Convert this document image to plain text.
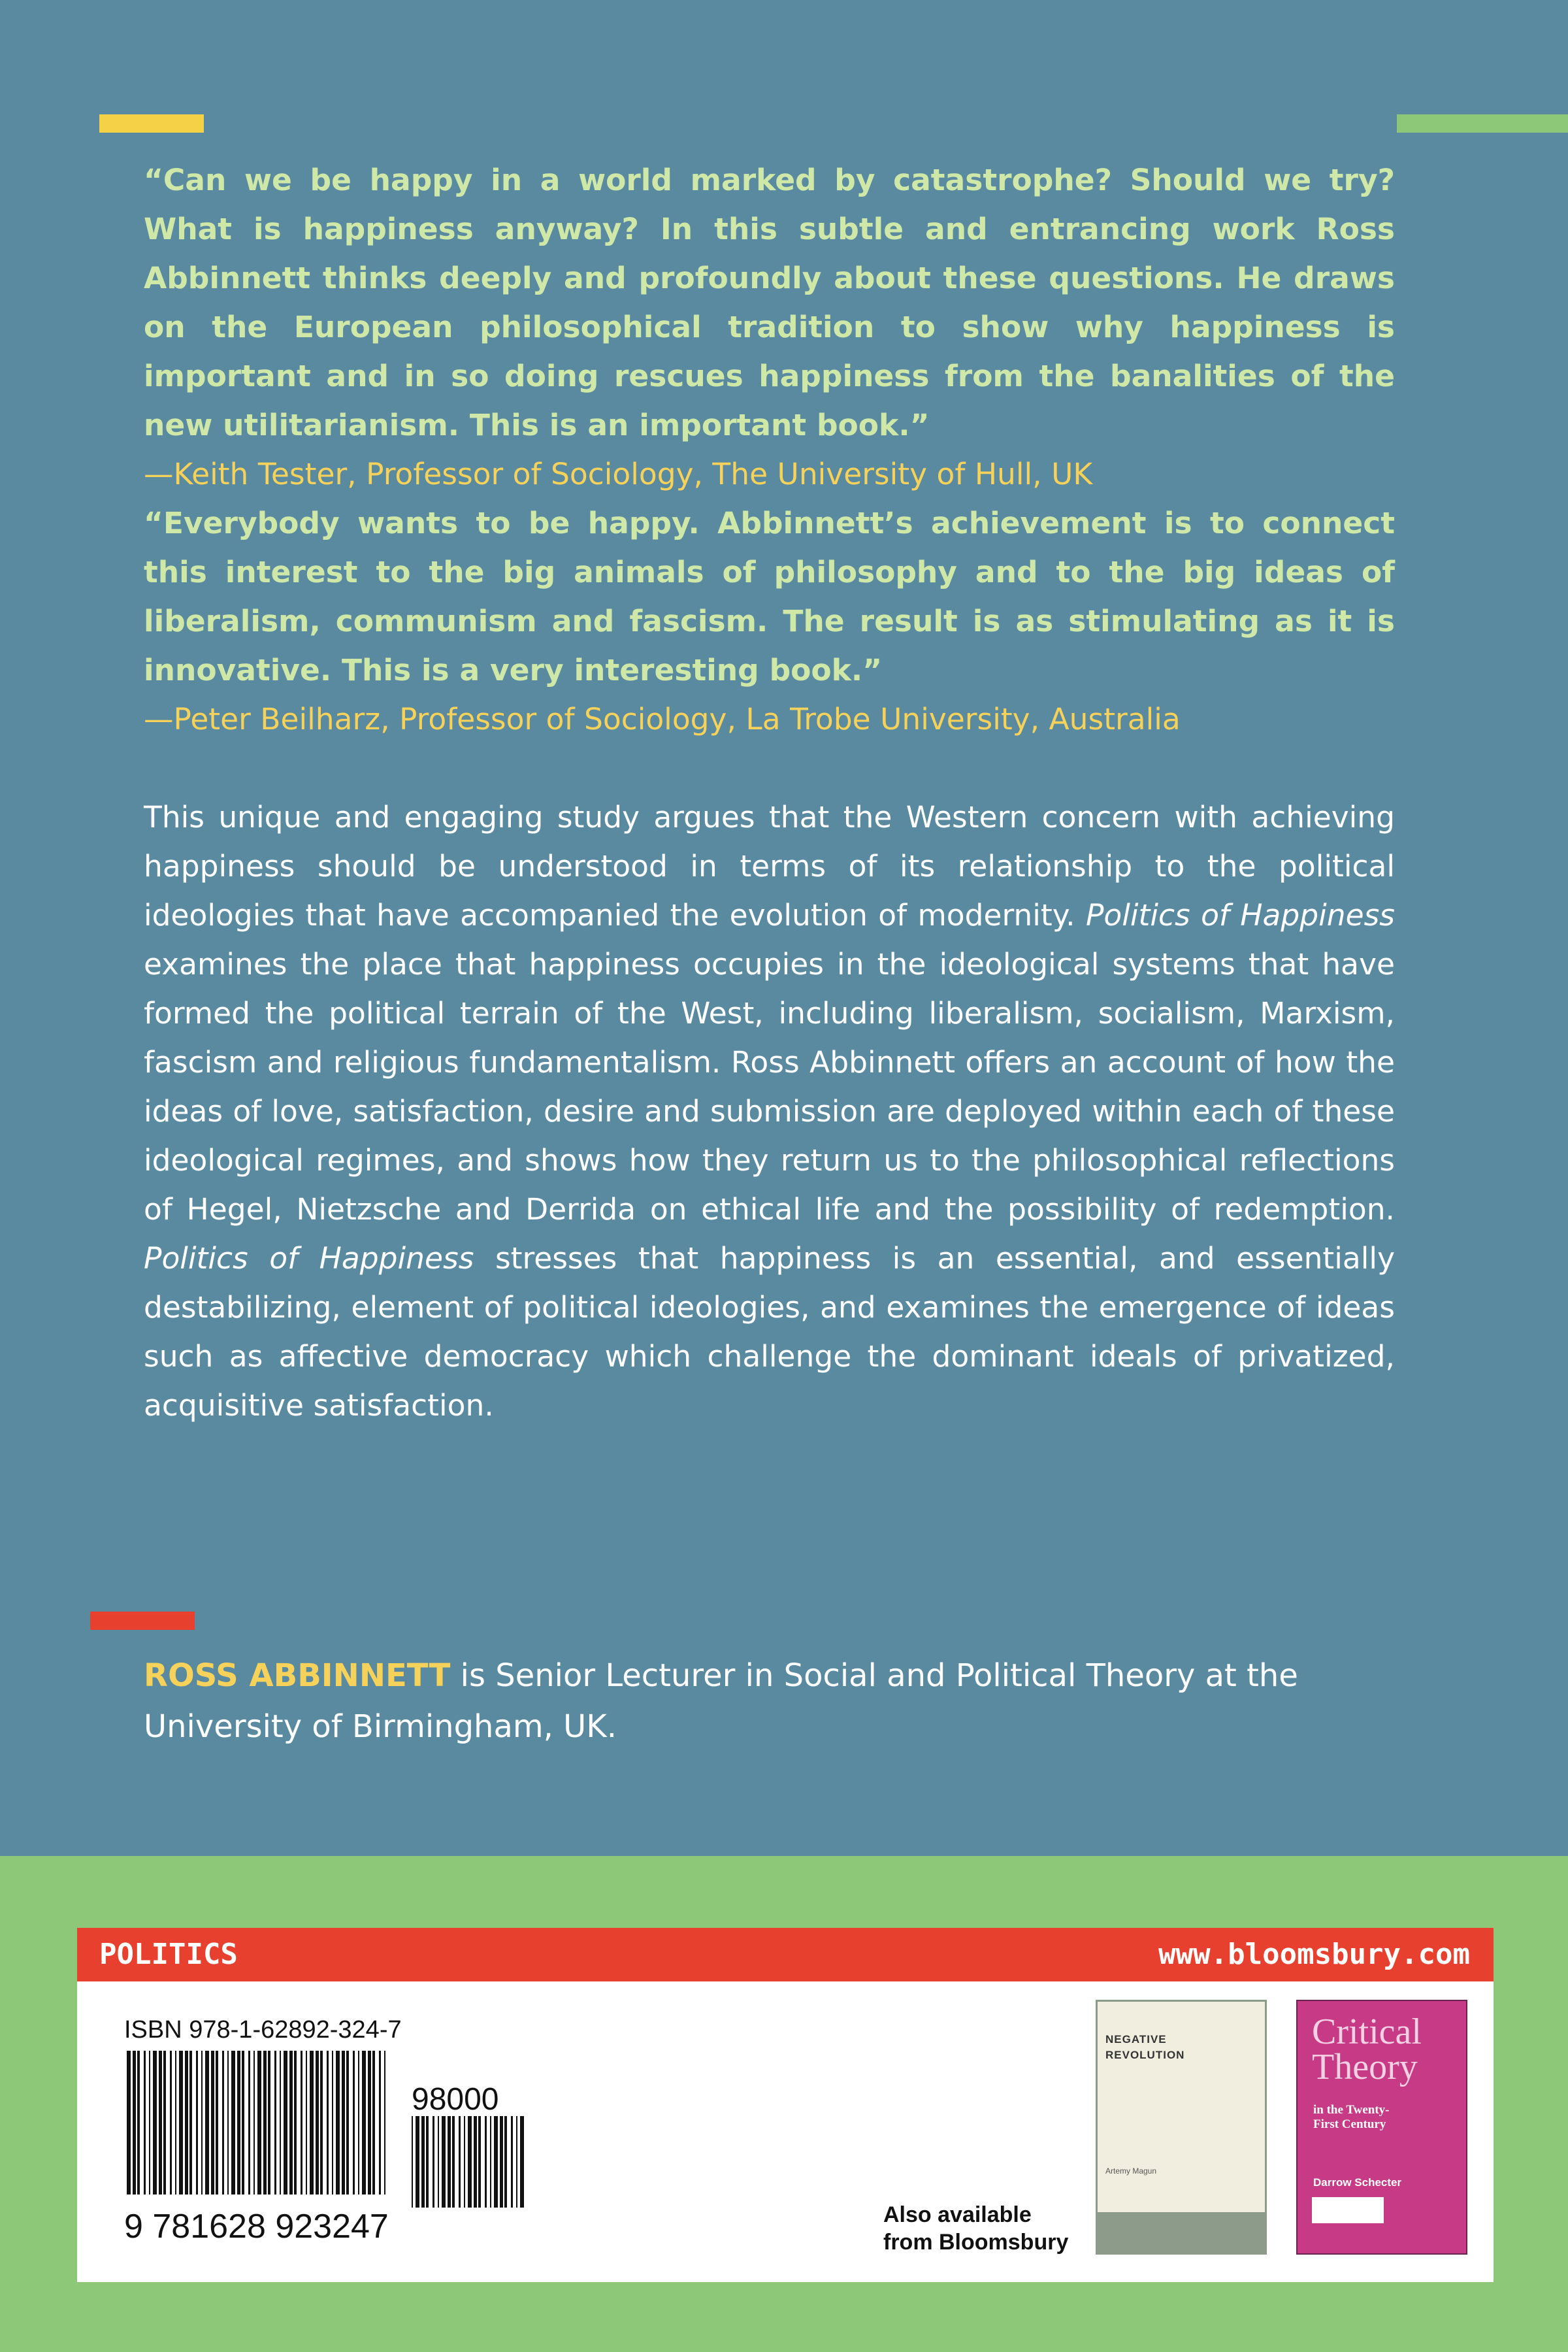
“Can we be happy in a world marked by catastrophe? Should we try? What is happiness anyway? In this subtle and entrancing work Ross Abbinnett thinks deeply and profoundly about these questions. He draws on the European philosophical tradition to show why happiness is important and in so doing rescues happiness from the banalities of the new utilitarianism. This is an important book.”

—Keith Tester, Professor of Sociology, The University of Hull, UK

“Everybody wants to be happy. Abbinnett’s achievement is to connect this interest to the big animals of philosophy and to the big ideas of liberalism, communism and fascism. The result is as stimulating as it is innovative. This is a very interesting book.”

—Peter Beilharz, Professor of Sociology, La Trobe University, Australia

This unique and engaging study argues that the Western concern with achieving happiness should be understood in terms of its relationship to the political ideologies that have accompanied the evolution of modernity. Politics of Happiness examines the place that happiness occupies in the ideological systems that have formed the political terrain of the West, including liberalism, socialism, Marxism, fascism and religious fundamentalism. Ross Abbinnett offers an account of how the ideas of love, satisfaction, desire and submission are deployed within each of these ideological regimes, and shows how they return us to the philosophical reflections of Hegel, Nietzsche and Derrida on ethical life and the possibility of redemption. Politics of Happiness stresses that happiness is an essential, and essentially destabilizing, element of political ideologies, and examines the emergence of ideas such as affective democracy which challenge the dominant ideals of privatized, acquisitive satisfaction.

ROSS ABBINNETT is Senior Lecturer in Social and Political Theory at the University of Birmingham, UK.

POLITICS	www.bloomsbury.com
ISBN 978-1-62892-324-7
9 781628 923247
98000
Also available
from Bloomsbury
NEGATIVE REVOLUTION
Artemy Magun
Critical Theory
in the Twenty-First Century
Darrow Schecter
